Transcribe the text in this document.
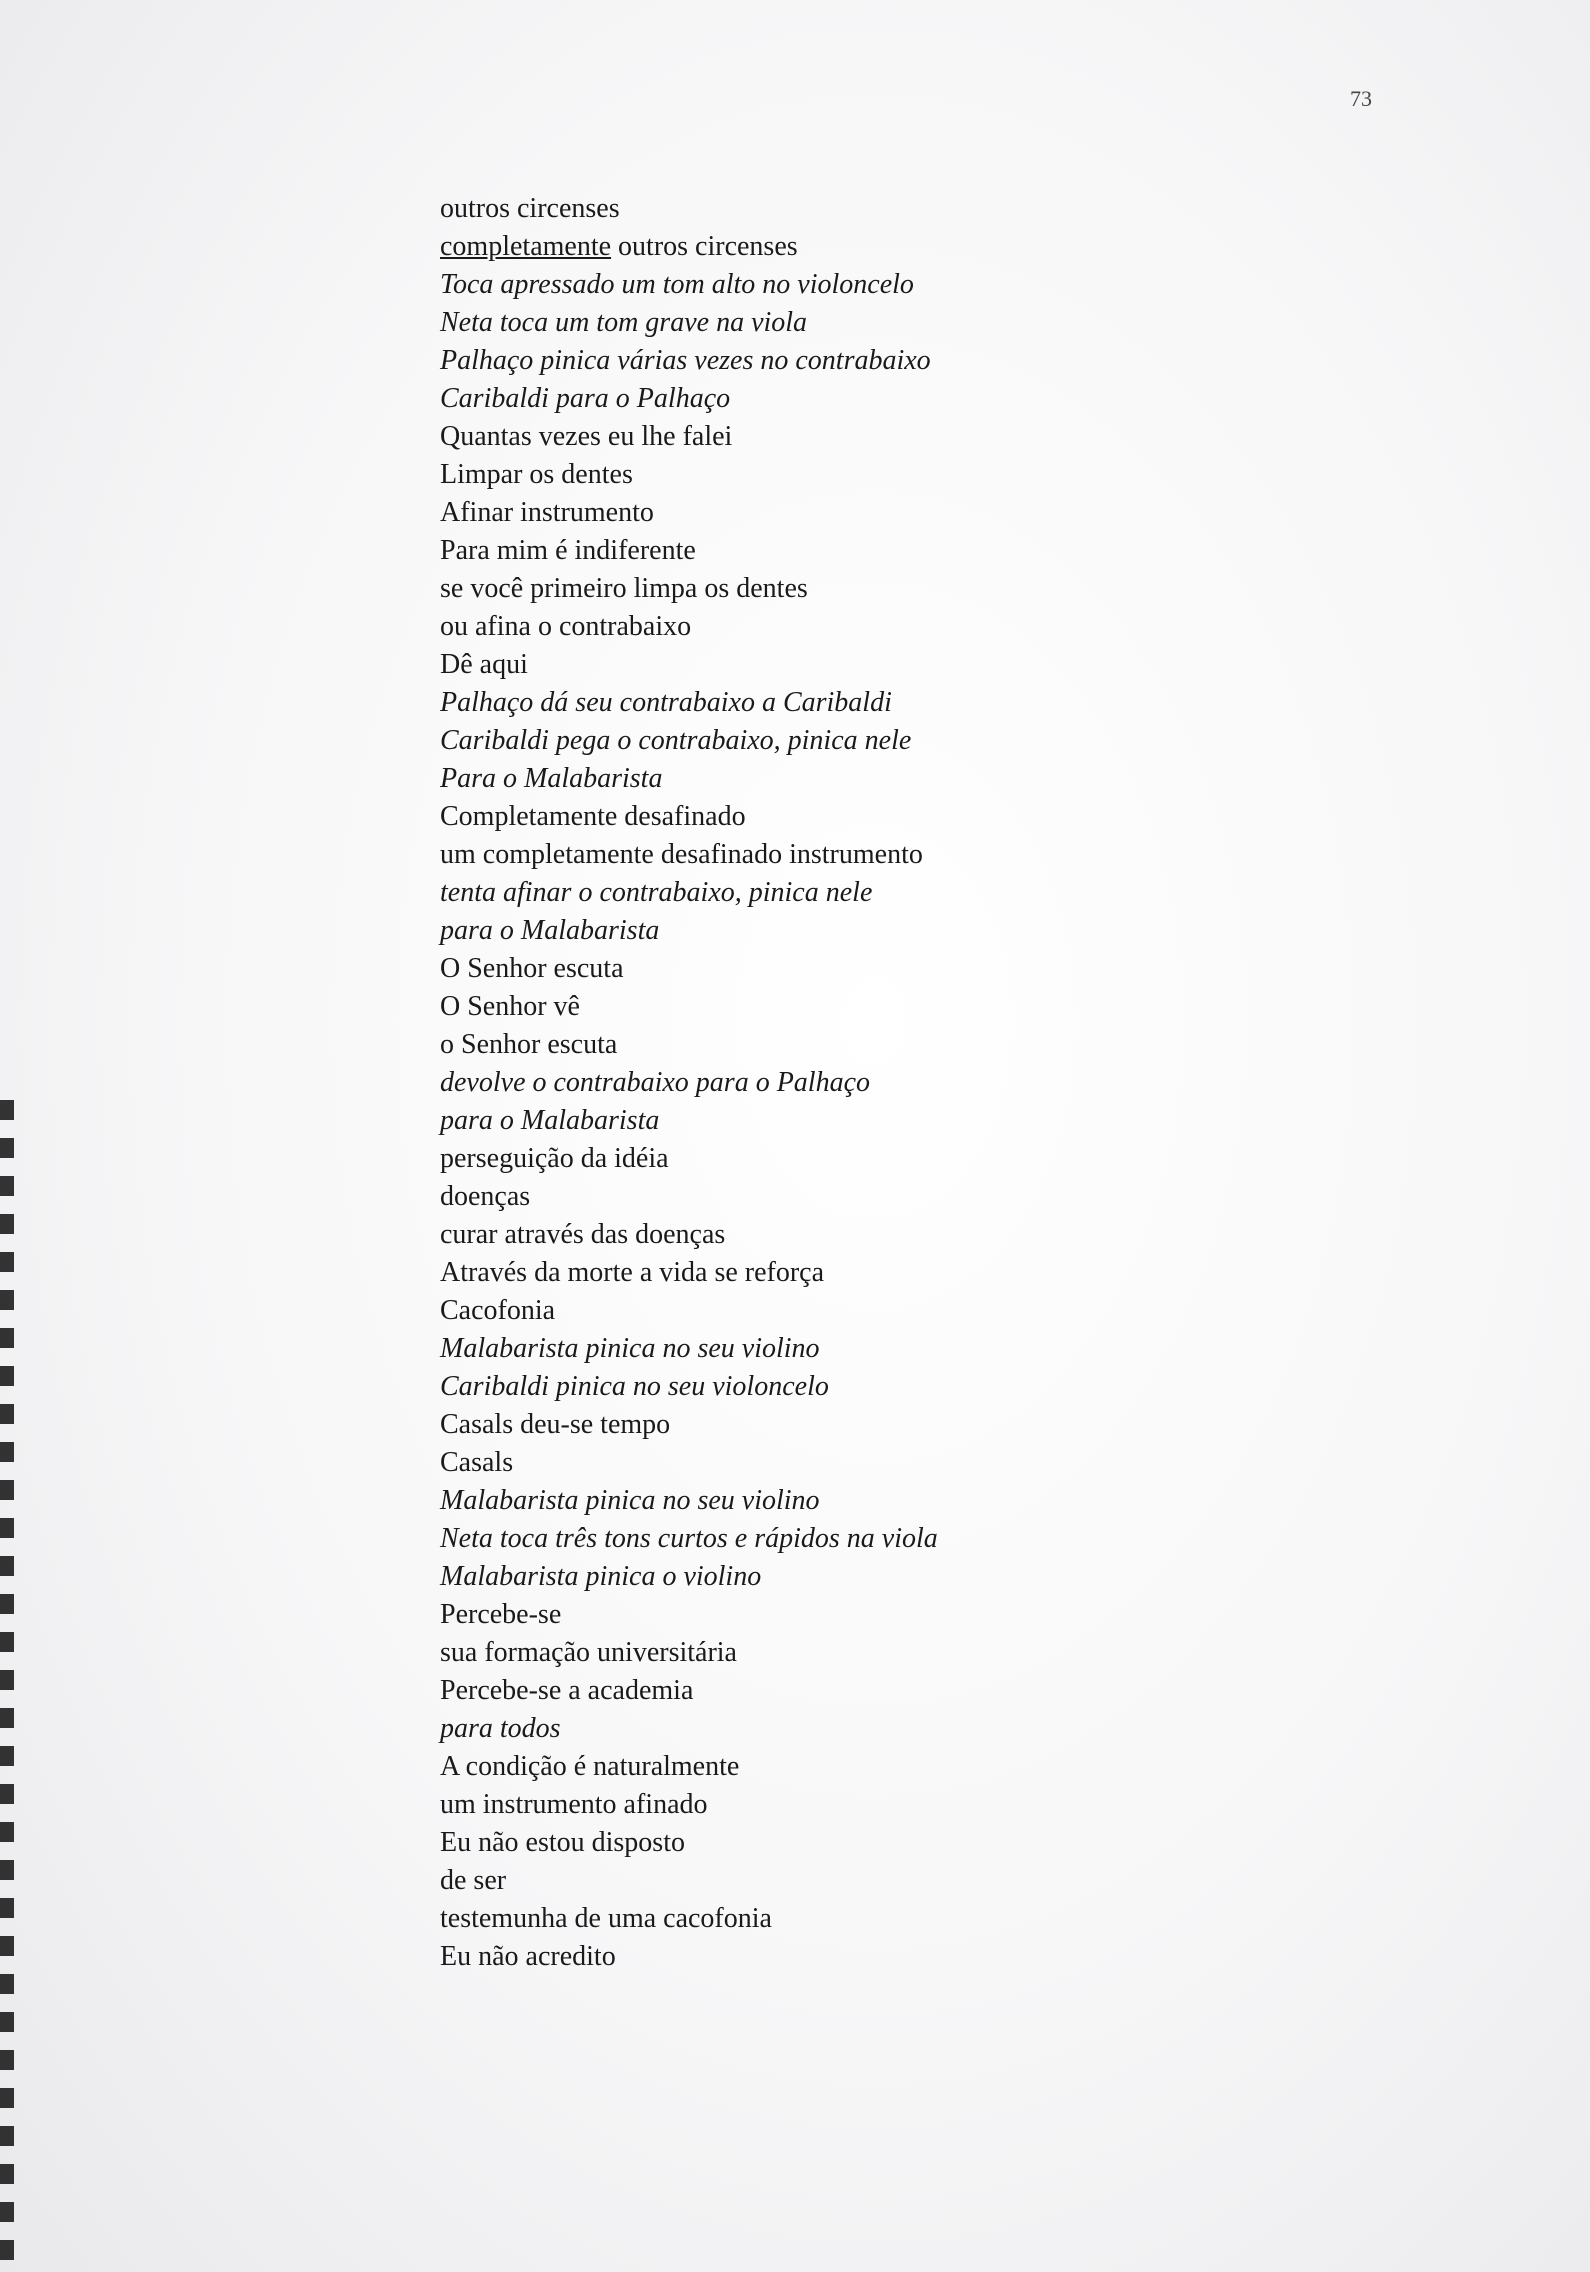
73
outros circenses
completamente outros circenses
Toca apressado um tom alto no violoncelo
Neta toca um tom grave na viola
Palhaço pinica várias vezes no contrabaixo
Caribaldi para o Palhaço
Quantas vezes eu lhe falei
Limpar os dentes
Afinar instrumento
Para mim é indiferente
se você primeiro limpa os dentes
ou afina o contrabaixo
Dê aqui
Palhaço dá seu contrabaixo a Caribaldi
Caribaldi pega o contrabaixo, pinica nele
Para o Malabarista
Completamente desafinado
um completamente desafinado instrumento
tenta afinar o contrabaixo, pinica nele
para o Malabarista
O Senhor escuta
O Senhor vê
o Senhor escuta
devolve o contrabaixo para o Palhaço
para o Malabarista
perseguição da idéia
doenças
curar através das doenças
Através da morte a vida se reforça
Cacofonia
Malabarista pinica no seu violino
Caribaldi pinica no seu violoncelo
Casals deu-se tempo
Casals
Malabarista pinica no seu violino
Neta toca três tons curtos e rápidos na viola
Malabarista pinica o violino
Percebe-se
sua formação universitária
Percebe-se a academia
para todos
A condição é naturalmente
um instrumento afinado
Eu não estou disposto
de ser
testemunha de uma cacofonia
Eu não acredito
